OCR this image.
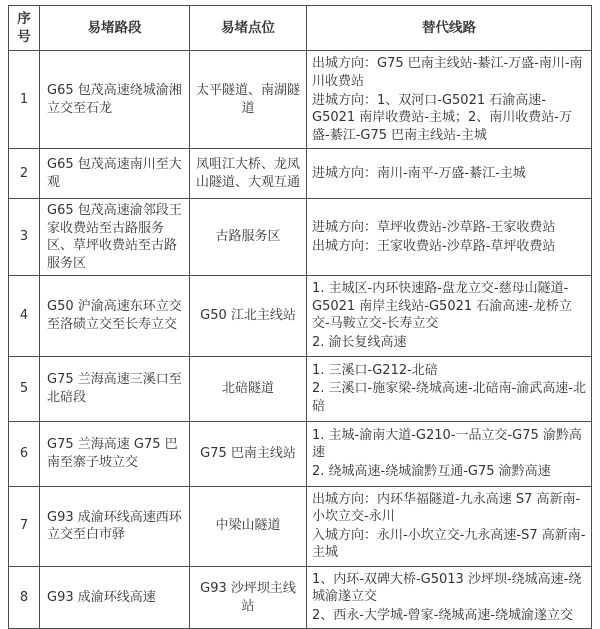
序号	易堵路段	易堵点位	替代线路
1	G65 包茂高速绕城渝湘立交至石龙	太平隧道、南湖隧道	出城方向：G75 巴南主线站-綦江-万盛-南川-南川收费站
进城方向：1、双河口-G5021 石渝高速-G5021 南岸收费站-主城；2、南川收费站-万盛-綦江-G75 巴南主线站-主城

2	G65 包茂高速南川至大观	凤咀江大桥、龙凤山隧道、大观互通	进城方向：南川-南平-万盛-綦江-主城

3	G65 包茂高速渝邻段王家收费站至古路服务区、草坪收费站至古路服务区	古路服务区	进城方向：草坪收费站-沙草路-王家收费站
出城方向：王家收费站-沙草路-草坪收费站

4	G50 沪渝高速东环立交至洛碛立交至长寿立交	G50 江北主线站	1. 主城区-内环快速路-盘龙立交-慈母山隧道-G5021 南岸主线站-G5021 石渝高速-龙桥立交-马鞍立交-长寿立交
2. 渝长复线高速

5	G75 兰海高速三溪口至北碚段	北碚隧道	1. 三溪口-G212-北碚
2. 三溪口-施家梁-绕城高速-北碚南-渝武高速-北碚

6	G75 兰海高速 G75 巴南至寨子坡立交	G75 巴南主线站	1. 主城-渝南大道-G210-一品立交-G75 渝黔高速
2. 绕城高速-绕城渝黔互通-G75 渝黔高速

7	G93 成渝环线高速西环立交至白市驿	中梁山隧道	出城方向：内环华福隧道-九永高速 S7 高新南-小坎立交-永川
入城方向：永川-小坎立交-九永高速-S7 高新南-主城

8	G93 成渝环线高速	G93 沙坪坝主线站	1、内环-双碑大桥-G5013 沙坪坝-绕城高速-绕城渝遂立交
2、西永-大学城-曾家-绕城高速-绕城渝遂立交
